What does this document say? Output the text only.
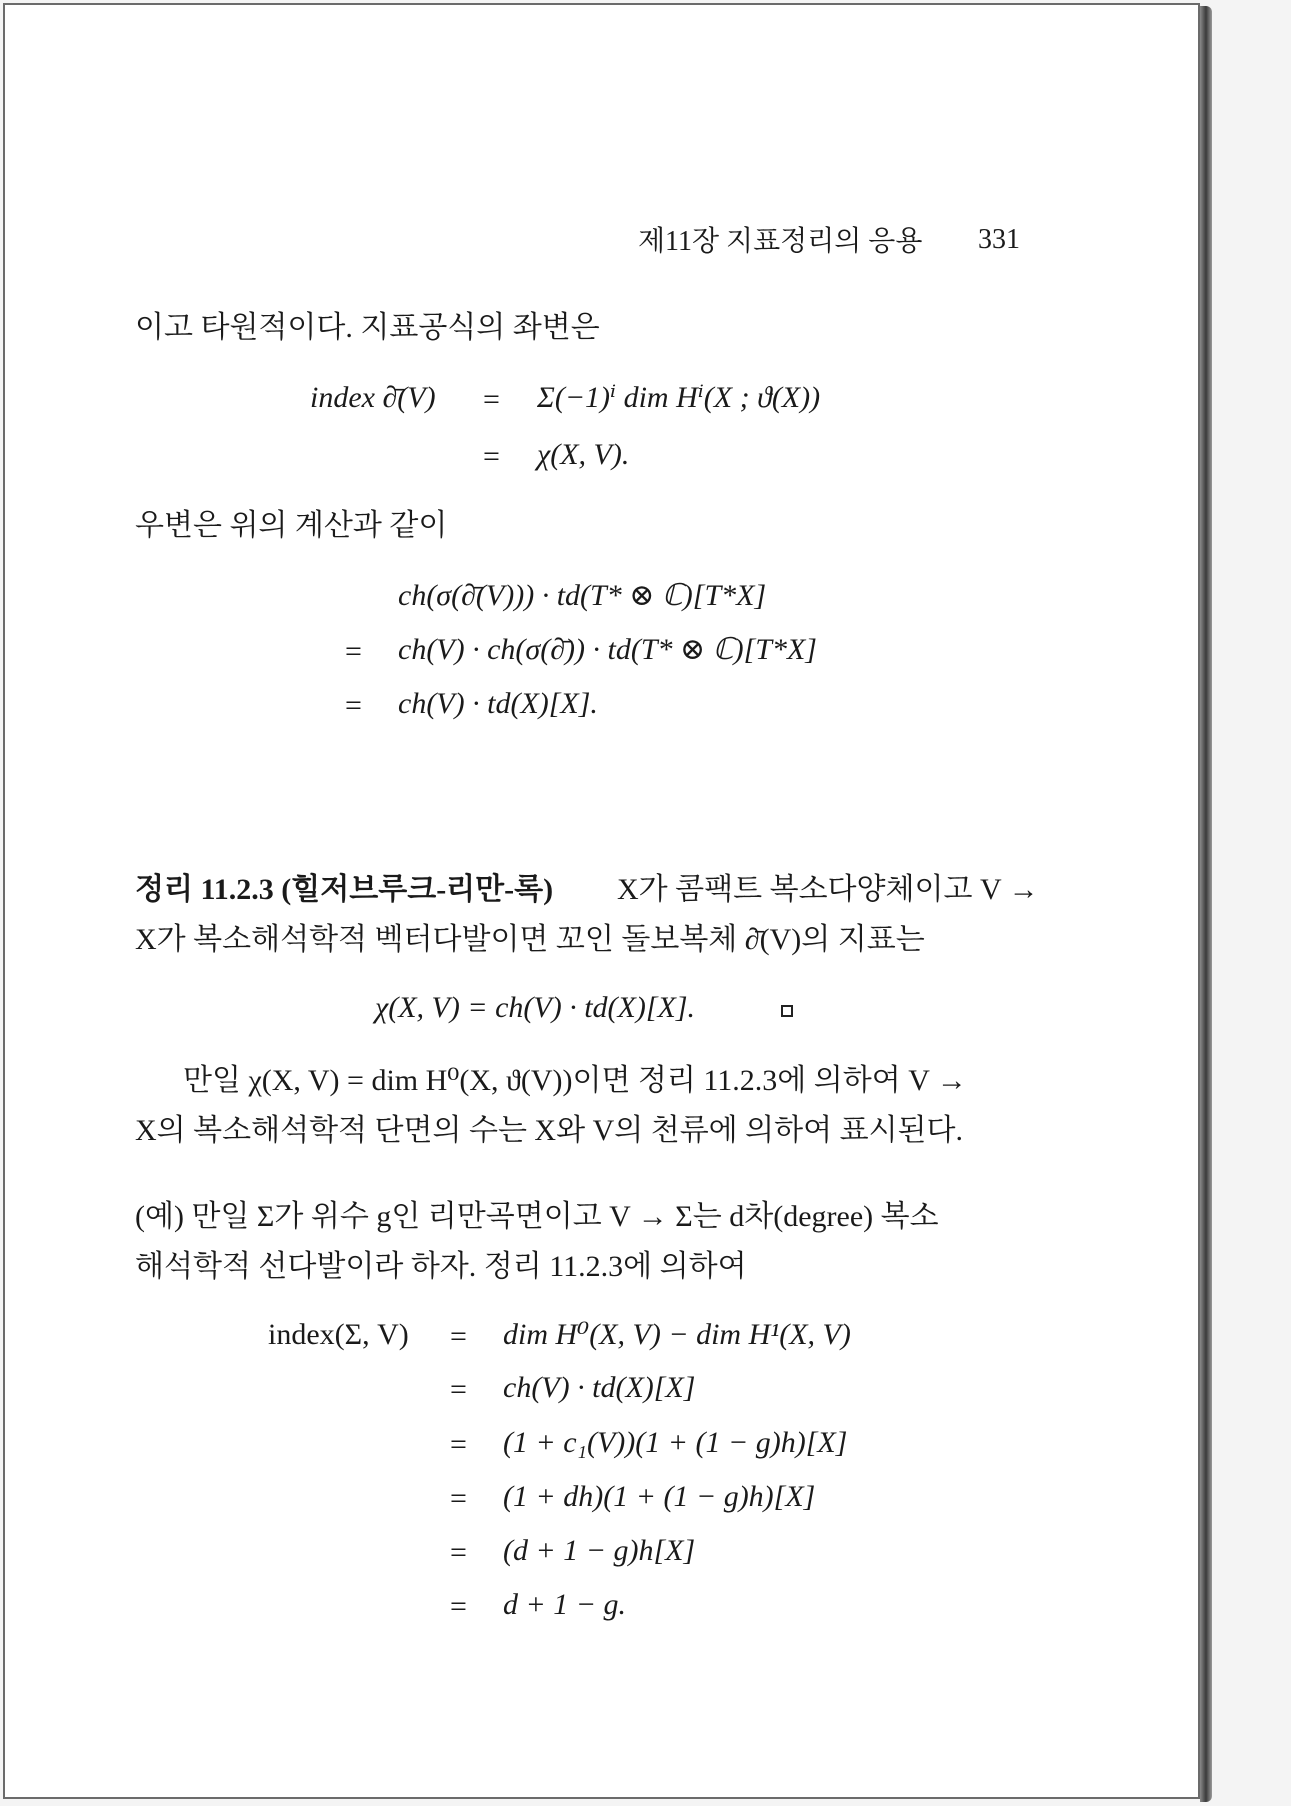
제11장 지표정리의 응용 331
이고 타원적이다. 지표공식의 좌변은
index ∂̄(V) = Σ(−1)ⁱ dim Hⁱ(X ; ϑ(X))
= χ(X, V).
우변은 위의 계산과 같이
ch(σ(∂̄(V))) · td(T* ⊗ ℂ)[T*X]
= ch(V) · ch(σ(∂̄)) · td(T* ⊗ ℂ)[T*X]
= ch(V) · td(X)[X].
정리 11.2.3 (힐저브루크-리만-록) X가 콤팩트 복소다양체이고 V →
X가 복소해석학적 벡터다발이면 꼬인 돌보복체 ∂̄(V)의 지표는
χ(X, V) = ch(V) · td(X)[X].
만일 χ(X, V) = dim H⁰(X, ϑ(V))이면 정리 11.2.3에 의하여 V →
X의 복소해석학적 단면의 수는 X와 V의 천류에 의하여 표시된다.
(예) 만일 Σ가 위수 g인 리만곡면이고 V → Σ는 d차(degree) 복소
해석학적 선다발이라 하자. 정리 11.2.3에 의하여
index(Σ, V) = dim H⁰(X, V) − dim H¹(X, V)
= ch(V) · td(X)[X]
= (1 + c₁(V))(1 + (1 − g)h)[X]
= (1 + dh)(1 + (1 − g)h)[X]
= (d + 1 − g)h[X]
= d + 1 − g.
